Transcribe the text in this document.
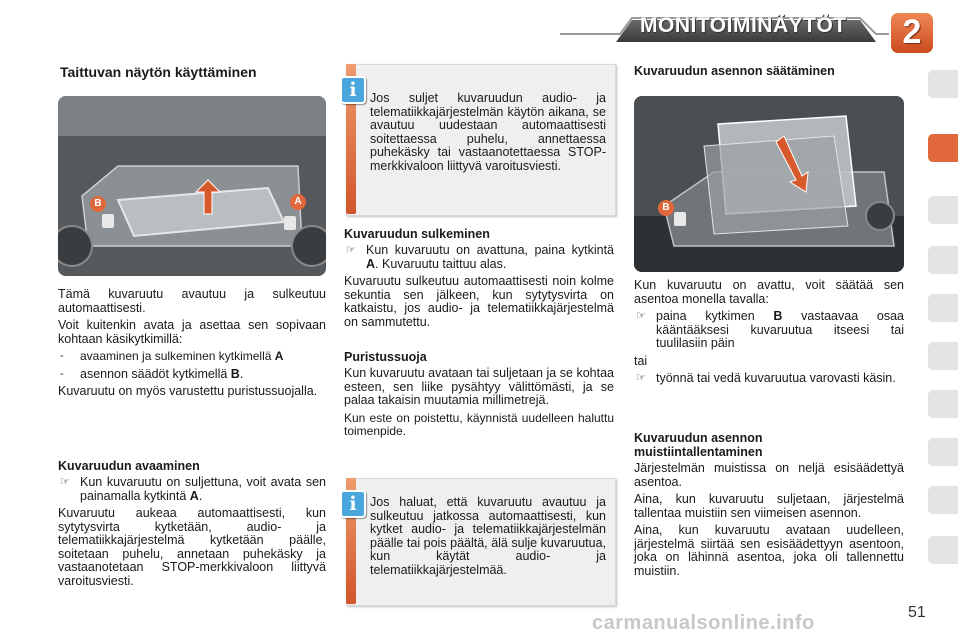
MONITOIMINÄYTÖT	2
Taittuvan näytön käyttäminen
B	A

Tämä kuvaruutu avautuu ja sulkeutuu automaattisesti.

Voit kuitenkin avata ja asettaa sen sopivaan kohtaan käsikytkimillä:

- avaaminen ja sulkeminen kytkimellä A
- asennon säädöt kytkimellä B.

Kuvaruutu on myös varustettu puristussuojalla.

Kuvaruudun avaaminen
☞ Kun kuvaruutu on suljettuna, voit avata sen painamalla kytkintä A.

Kuvaruutu aukeaa automaattisesti, kun sytytysvirta kytketään, audio- ja telematiikkajärjestelmä kytketään päälle, soitetaan puhelu, annetaan puhekäsky ja vastaanotetaan STOP-merkkivaloon liittyvä varoitusviesti.

i	Jos suljet kuvaruudun audio- ja telematiikkajärjestelmän käytön aikana, se avautuu uudestaan automaattisesti soitettaessa puhelu, annettaessa puhekäsky tai vastaanotettaessa STOP-merkkivaloon liittyvä varoitusviesti.
Kuvaruudun sulkeminen
☞ Kun kuvaruutu on avattuna, paina kytkintä A. Kuvaruutu taittuu alas.

Kuvaruutu sulkeutuu automaattisesti noin kolme sekuntia sen jälkeen, kun sytytysvirta on katkaistu, jos audio- ja telematiikkajärjestelmä on sammutettu.

Puristussuoja

Kun kuvaruutu avataan tai suljetaan ja se kohtaa esteen, sen liike pysähtyy välittömästi, ja se palaa takaisin muutamia millimetrejä.

Kun este on poistettu, käynnistä uudelleen haluttu toimenpide.

i	Jos haluat, että kuvaruutu avautuu ja sulkeutuu jatkossa automaattisesti, kun kytket audio- ja telematiikkajärjestelmän päälle tai pois päältä, älä sulje kuvaruutua, kun käytät audio- ja telematiikkajärjestelmää.
Kuvaruudun asennon säätäminen
B

Kun kuvaruutu on avattu, voit säätää sen asentoa monella tavalla:

☞ paina kytkimen B vastaavaa osaa kääntääksesi kuvaruutua itseesi tai tuulilasiin päin

tai

☞ työnnä tai vedä kuvaruutua varovasti käsin.
Kuvaruudun asennon muistiintallentaminen

Järjestelmän muistissa on neljä esisäädettyä asentoa.

Aina, kun kuvaruutu suljetaan, järjestelmä tallentaa muistiin sen viimeisen asennon.

Aina, kun kuvaruutu avataan uudelleen, järjestelmä siirtää sen esisäädettyyn asentoon, joka on lähinnä asentoa, joka oli tallennettu muistiin.

carmanualsonline.info	51
